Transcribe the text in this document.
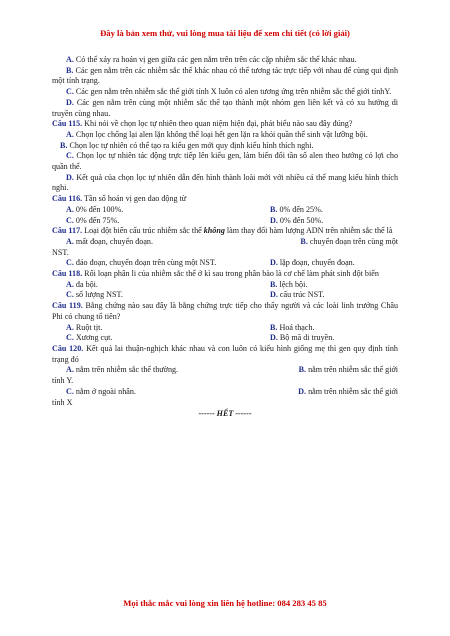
Đây là bản xem thử, vui lòng mua tài liệu để xem chi tiết (có lời giải)

A. Có thể xảy ra hoán vị gen giữa các gen nằm trên trên các cặp nhiễm sắc thể khác nhau.

B. Các gen nằm trên các nhiễm sắc thể khác nhau có thể tương tác trực tiếp với nhau để cùng qui định một tính trạng.

C. Các gen nằm trên nhiễm sắc thể giới tính X luôn có alen tương ứng trên nhiễm sắc thể giới tínhY.

D. Các gen nằm trên cùng một nhiễm sắc thể tạo thành một nhóm gen liên kết và có xu hướng di truyền cùng nhau.

Câu 115. Khi nói về chọn lọc tự nhiên theo quan niệm hiện đại, phát biểu nào sau đây đúng?

A. Chọn lọc chống lại alen lặn không thể loại hết gen lặn ra khỏi quần thể sinh vật lưỡng bội.

B. Chọn lọc tự nhiên có thể tạo ra kiểu gen mới quy định kiểu hình thích nghi.

C. Chọn lọc tự nhiên tác động trực tiếp lên kiểu gen, làm biến đổi tần số alen theo hướng có lợi cho quần thể.

D. Kết quả của chọn lọc tự nhiên dẫn đến hình thành loài mới với nhiều cá thể mang kiểu hình thích nghi.

Câu 116. Tần số hoán vị gen dao động từ

A. 0% đến 100%.	B. 0% đến 25%.
C. 0% đến 75%.	D. 0% đến 50%.

Câu 117. Loại đột biến cấu trúc nhiễm sắc thể không làm thay đổi hàm lượng ADN trên nhiễm sắc thể là

A. mất đoạn, chuyển đoạn.	B. chuyển đoạn trên cùng một
NST.
C. đảo đoạn, chuyển đoạn trên cùng một NST.	D. lặp đoạn, chuyển đoạn.

Câu 118. Rối loạn phân li của nhiễm sắc thể ở kì sau trong phân bào là cơ chế làm phát sinh đột biến

A. đa bội.	B. lệch bội.
C. số lượng NST.	D. cấu trúc NST.

Câu 119. Bằng chứng nào sau đây là bằng chứng trực tiếp cho thấy người và các loài linh trưởng Châu Phi có chung tổ tiên?

A. Ruột tịt.	B. Hoá thạch.
C. Xương cụt.	D. Bộ mã di truyền.

Câu 120. Kết quả lai thuận-nghịch khác nhau và con luôn có kiểu hình giống mẹ thì gen quy định tính trạng đó

A. nằm trên nhiễm sắc thể thường.	B. nằm trên nhiễm sắc thể giới
tính Y.
C. nằm ở ngoài nhân.	D. nằm trên nhiễm sắc thể giới
tính X
------ HẾT ------
Mọi thắc mắc vui lòng xin liên hệ hotline: 084 283 45 85
